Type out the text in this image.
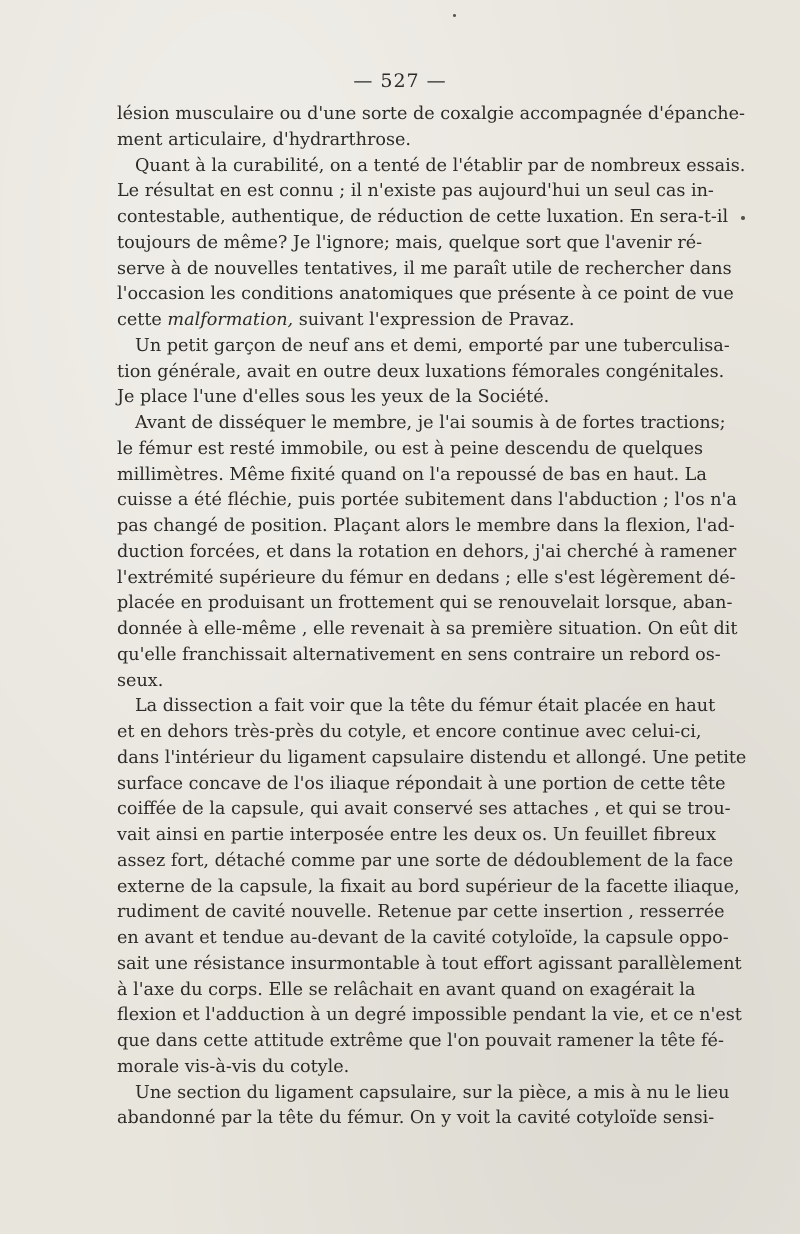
— 527 —
lésion musculaire ou d'une sorte de coxalgie accompagnée d'épanche-
ment articulaire, d'hydrarthrose.
Quant à la curabilité, on a tenté de l'établir par de nombreux essais.
Le résultat en est connu ; il n'existe pas aujourd'hui un seul cas in-
contestable, authentique, de réduction de cette luxation. En sera-t-il
toujours de même? Je l'ignore; mais, quelque sort que l'avenir ré-
serve à de nouvelles tentatives, il me paraît utile de rechercher dans
l'occasion les conditions anatomiques que présente à ce point de vue
cette malformation, suivant l'expression de Pravaz.
Un petit garçon de neuf ans et demi, emporté par une tuberculisa-
tion générale, avait en outre deux luxations fémorales congénitales.
Je place l'une d'elles sous les yeux de la Société.
Avant de disséquer le membre, je l'ai soumis à de fortes tractions;
le fémur est resté immobile, ou est à peine descendu de quelques
millimètres. Même fixité quand on l'a repoussé de bas en haut. La
cuisse a été fléchie, puis portée subitement dans l'abduction ; l'os n'a
pas changé de position. Plaçant alors le membre dans la flexion, l'ad-
duction forcées, et dans la rotation en dehors, j'ai cherché à ramener
l'extrémité supérieure du fémur en dedans ; elle s'est légèrement dé-
placée en produisant un frottement qui se renouvelait lorsque, aban-
donnée à elle-même , elle revenait à sa première situation. On eût dit
qu'elle franchissait alternativement en sens contraire un rebord os-
seux.
La dissection a fait voir que la tête du fémur était placée en haut
et en dehors très-près du cotyle, et encore continue avec celui-ci,
dans l'intérieur du ligament capsulaire distendu et allongé. Une petite
surface concave de l'os iliaque répondait à une portion de cette tête
coiffée de la capsule, qui avait conservé ses attaches , et qui se trou-
vait ainsi en partie interposée entre les deux os. Un feuillet fibreux
assez fort, détaché comme par une sorte de dédoublement de la face
externe de la capsule, la fixait au bord supérieur de la facette iliaque,
rudiment de cavité nouvelle. Retenue par cette insertion , resserrée
en avant et tendue au-devant de la cavité cotyloïde, la capsule oppo-
sait une résistance insurmontable à tout effort agissant parallèlement
à l'axe du corps. Elle se relâchait en avant quand on exagérait la
flexion et l'adduction à un degré impossible pendant la vie, et ce n'est
que dans cette attitude extrême que l'on pouvait ramener la tête fé-
morale vis-à-vis du cotyle.
Une section du ligament capsulaire, sur la pièce, a mis à nu le lieu
abandonné par la tête du fémur. On y voit la cavité cotyloïde sensi-
